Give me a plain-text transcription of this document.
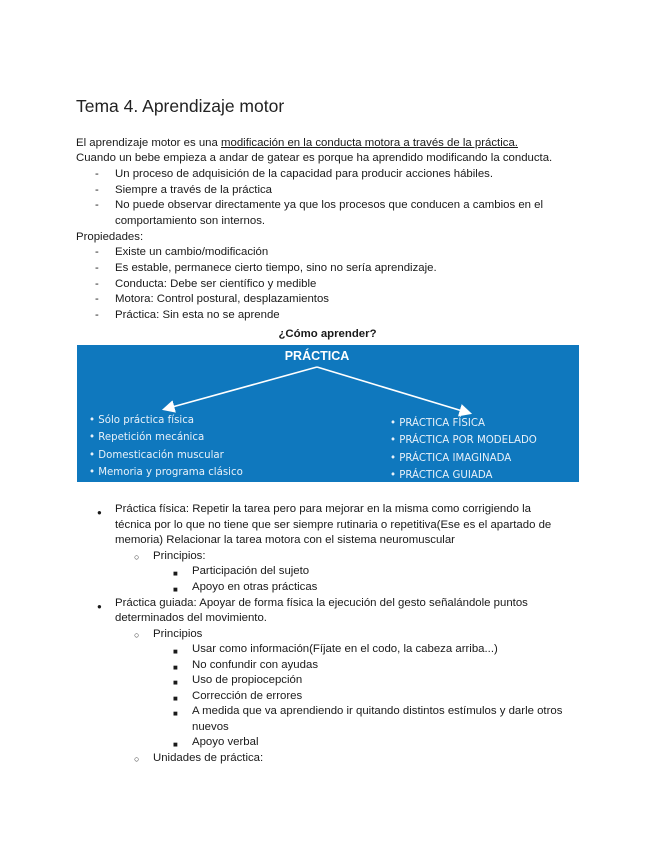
Tema 4. Aprendizaje motor
El aprendizaje motor es una modificación en la conducta motora a través de la práctica.
Cuando un bebe empieza a andar de gatear es porque ha aprendido modificando la conducta.
- Un proceso de adquisición de la capacidad para producir acciones hábiles.
- Siempre a través de la práctica
- No puede observar directamente ya que los procesos que conducen a cambios en el
comportamiento son internos.
Propiedades:
- Existe un cambio/modificación
- Es estable, permanece cierto tiempo, sino no sería aprendizaje.
- Conducta: Debe ser científico y medible
- Motora: Control postural, desplazamientos
- Práctica: Sin esta no se aprende
¿Cómo aprender?
PRÁCTICA
• Sólo práctica física
• Repetición mecánica
• Domesticación muscular
• Memoria y programa clásico
• PRÁCTICA FÍSICA
• PRÁCTICA POR MODELADO
• PRÁCTICA IMAGINADA
• PRÁCTICA GUIADA
● Práctica física: Repetir la tarea pero para mejorar en la misma como corrigiendo la
técnica por lo que no tiene que ser siempre rutinaria o repetitiva(Ese es el apartado de
memoria) Relacionar la tarea motora con el sistema neuromuscular
○ Principios:
■ Participación del sujeto
■ Apoyo en otras prácticas
● Práctica guiada: Apoyar de forma física la ejecución del gesto señalándole puntos
determinados del movimiento.
○ Principios
■ Usar como información(Fíjate en el codo, la cabeza arriba...)
■ No confundir con ayudas
■ Uso de propiocepción
■ Corrección de errores
■ A medida que va aprendiendo ir quitando distintos estímulos y darle otros
nuevos
■ Apoyo verbal
○ Unidades de práctica:
